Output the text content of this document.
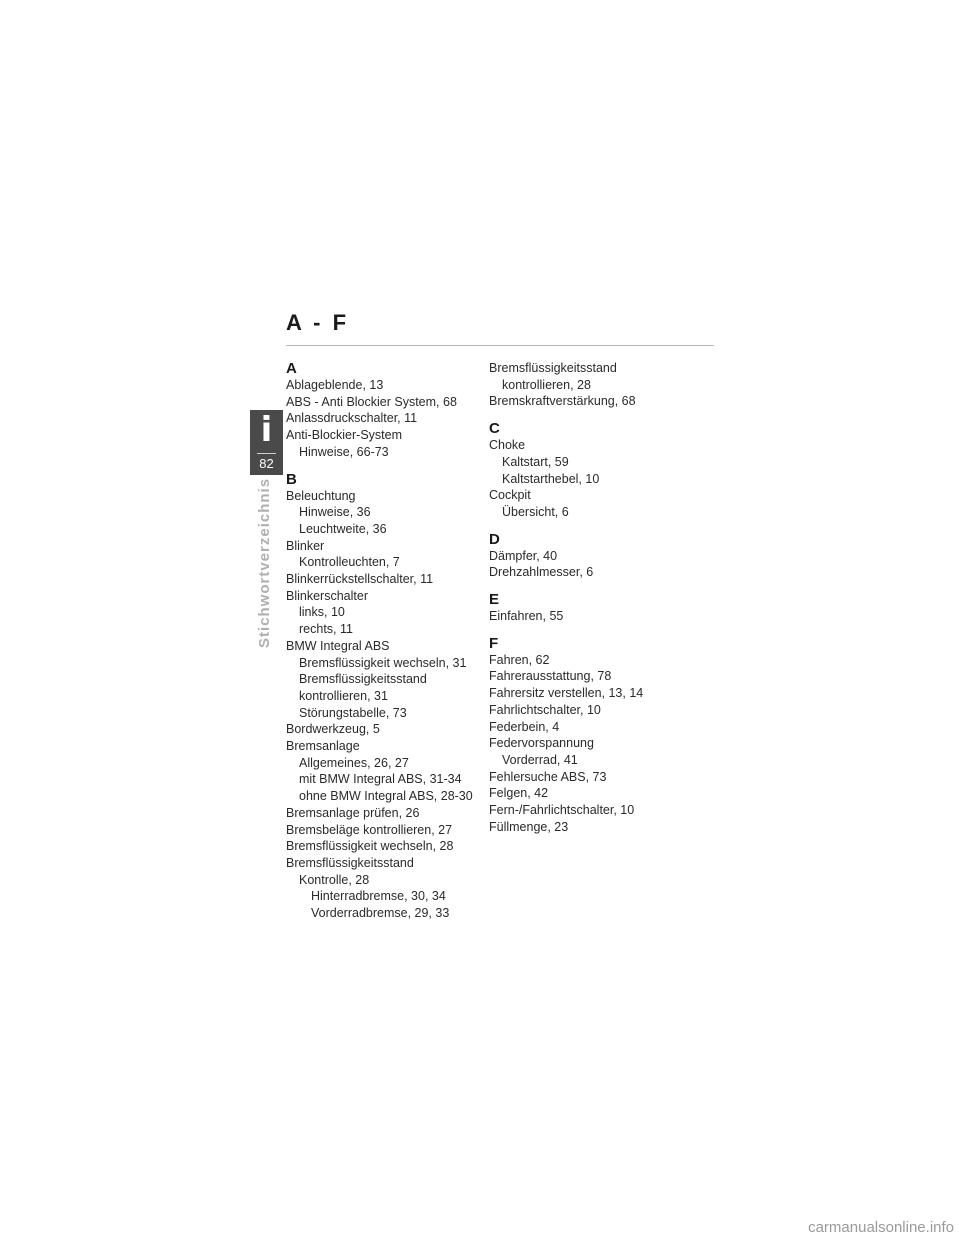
A - F
i
82
Stichwortverzeichnis
A
Ablageblende, 13
ABS - Anti Blockier System, 68
Anlassdruckschalter, 11
Anti-Blockier-System
Hinweise, 66-73
B
Beleuchtung
Hinweise, 36
Leuchtweite, 36
Blinker
Kontrolleuchten, 7
Blinkerrückstellschalter, 11
Blinkerschalter
links, 10
rechts, 11
BMW Integral ABS
Bremsflüssigkeit wechseln, 31
Bremsflüssigkeitsstand
kontrollieren, 31
Störungstabelle, 73
Bordwerkzeug, 5
Bremsanlage
Allgemeines, 26, 27
mit BMW Integral ABS, 31-34
ohne BMW Integral ABS, 28-30
Bremsanlage prüfen, 26
Bremsbeläge kontrollieren, 27
Bremsflüssigkeit wechseln, 28
Bremsflüssigkeitsstand
Kontrolle, 28
Hinterradbremse, 30, 34
Vorderradbremse, 29, 33
Bremsflüssigkeitsstand
kontrollieren, 28
Bremskraftverstärkung, 68
C
Choke
Kaltstart, 59
Kaltstarthebel, 10
Cockpit
Übersicht, 6
D
Dämpfer, 40
Drehzahlmesser, 6
E
Einfahren, 55
F
Fahren, 62
Fahrerausstattung, 78
Fahrersitz verstellen, 13, 14
Fahrlichtschalter, 10
Federbein, 4
Federvorspannung
Vorderrad, 41
Fehlersuche ABS, 73
Felgen, 42
Fern-/Fahrlichtschalter, 10
Füllmenge, 23
carmanualsonline.info
